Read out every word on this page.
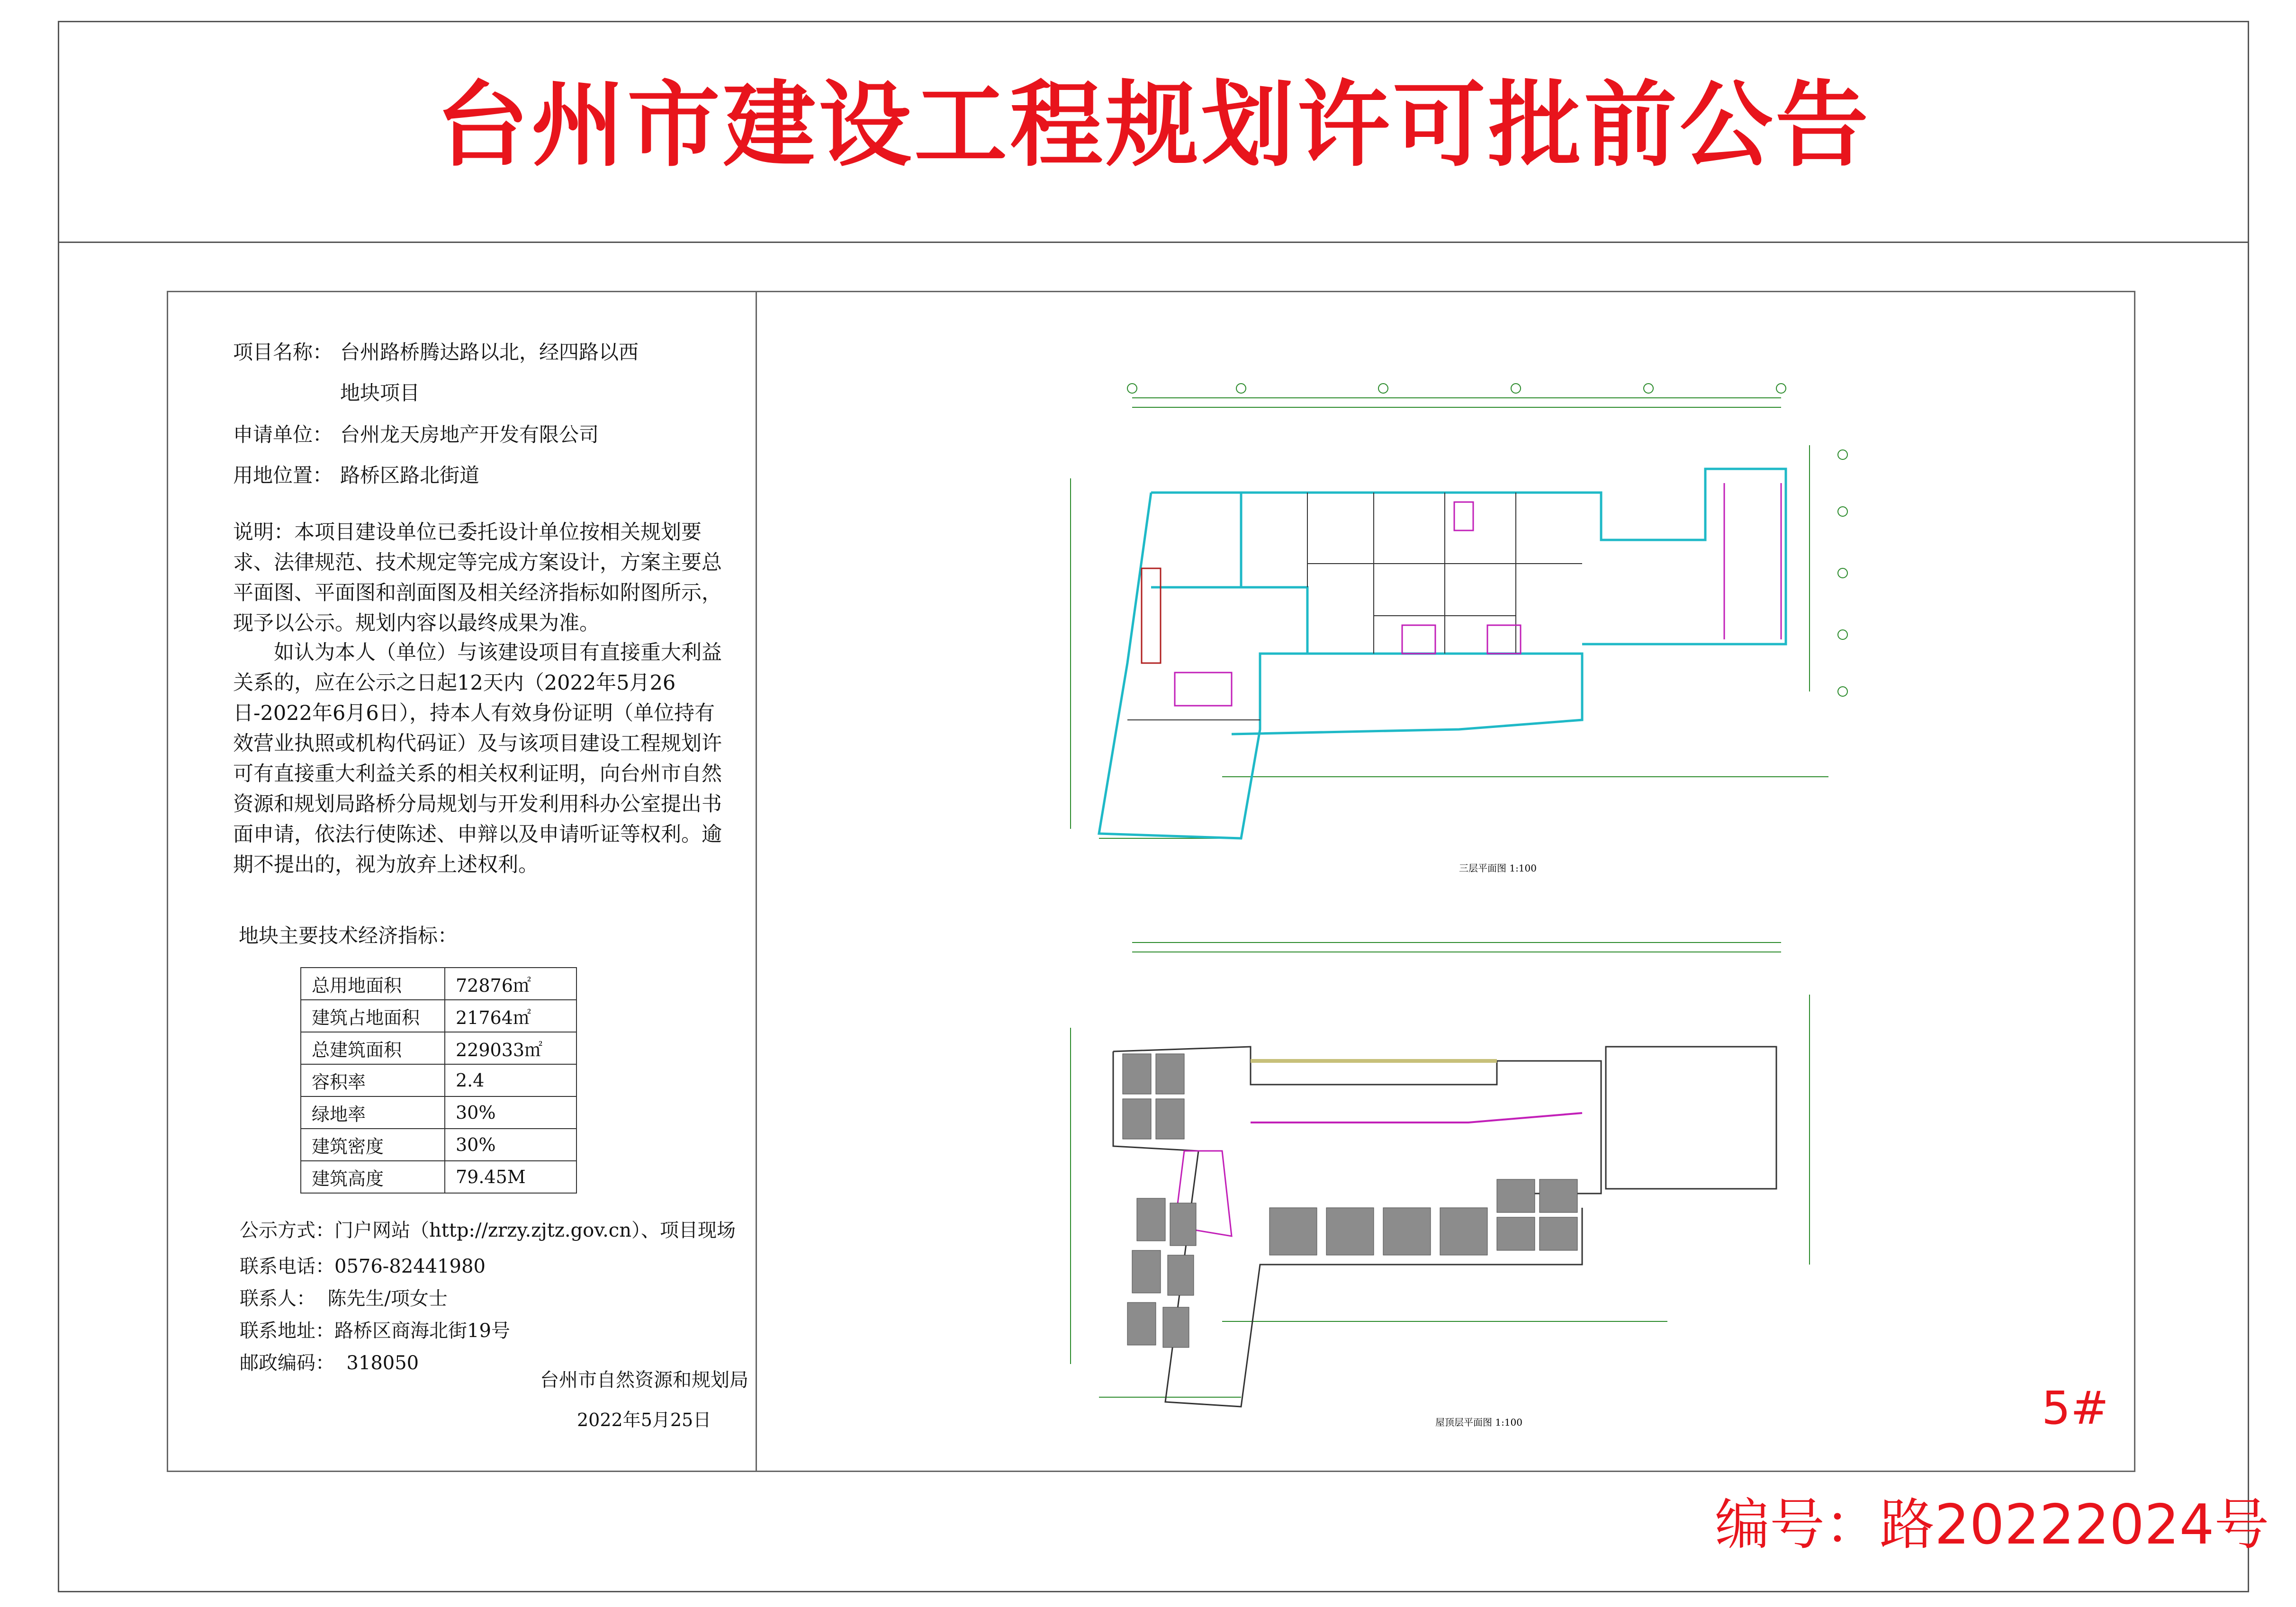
台州市建设工程规划许可批前公告
项目名称： 台州路桥腾达路以北，经四路以西
地块项目
申请单位： 台州龙天房地产开发有限公司
用地位置： 路桥区路北街道
说明：本项目建设单位已委托设计单位按相关规划要求、法律规范、技术规定等完成方案设计，方案主要总平面图、平面图和剖面图及相关经济指标如附图所示，现予以公示。规划内容以最终成果为准。
如认为本人（单位）与该建设项目有直接重大利益关系的，应在公示之日起12天内（2022年5月26日-2022年6月6日），持本人有效身份证明（单位持有效营业执照或机构代码证）及与该项目建设工程规划许可有直接重大利益关系的相关权利证明，向台州市自然资源和规划局路桥分局规划与开发利用科办公室提出书面申请，依法行使陈述、申辩以及申请听证等权利。逾期不提出的，视为放弃上述权利。
地块主要技术经济指标：
总用地面积	72876㎡
建筑占地面积	21764㎡
总建筑面积	229033㎡
容积率	2.4
绿地率	30%
建筑密度	30%
建筑高度	79.45M
公示方式：门户网站（http://zrzy.zjtz.gov.cn）、项目现场
联系电话：0576-82441980
联系人：  陈先生/项女士
联系地址：路桥区商海北街19号
邮政编码：  318050
台州市自然资源和规划局
2022年5月25日
三层平面图 1:100
屋顶层平面图 1:100	5#
编号：路20222024号
